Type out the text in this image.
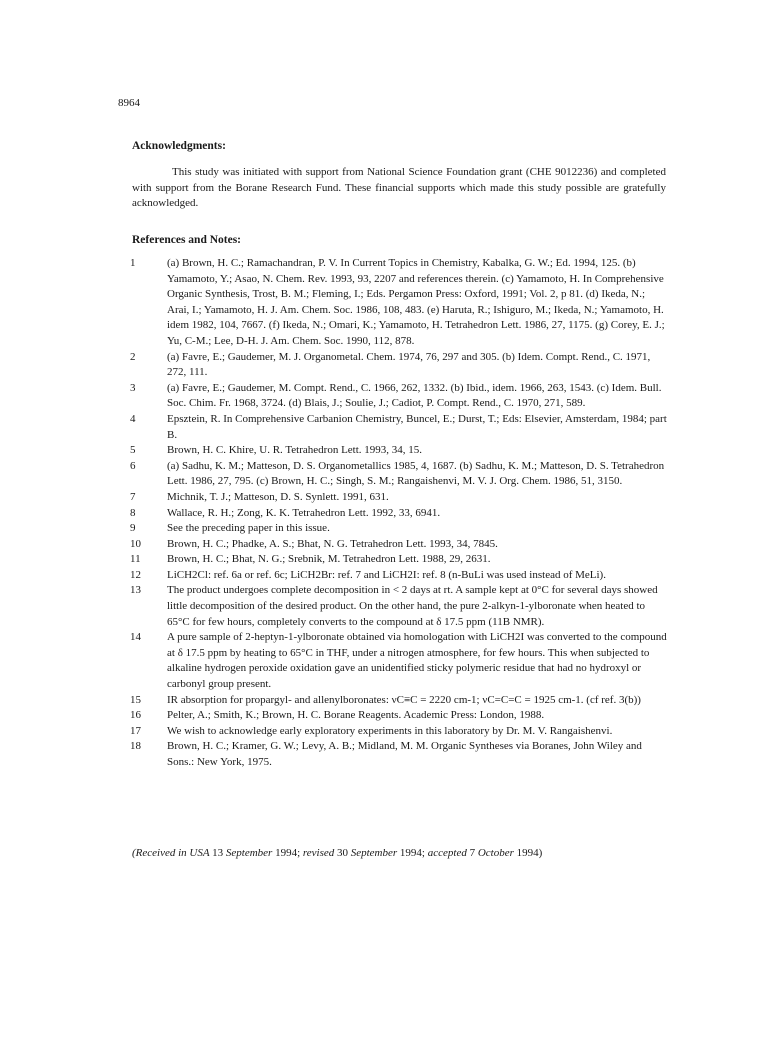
8964
Acknowledgments:
This study was initiated with support from National Science Foundation grant (CHE 9012236) and completed with support from the Borane Research Fund. These financial supports which made this study possible are gratefully acknowledged.
References and Notes:
1	(a) Brown, H. C.; Ramachandran, P. V. In Current Topics in Chemistry, Kabalka, G. W.; Ed. 1994, 125. (b) Yamamoto, Y.; Asao, N. Chem. Rev. 1993, 93, 2207 and references therein. (c) Yamamoto, H. In Comprehensive Organic Synthesis, Trost, B. M.; Fleming, I.; Eds. Pergamon Press: Oxford, 1991; Vol. 2, p 81. (d) Ikeda, N.; Arai, I.; Yamamoto, H. J. Am. Chem. Soc. 1986, 108, 483. (e) Haruta, R.; Ishiguro, M.; Ikeda, N.; Yamamoto, H. idem 1982, 104, 7667. (f) Ikeda, N.; Omari, K.; Yamamoto, H. Tetrahedron Lett. 1986, 27, 1175. (g) Corey, E. J.; Yu, C-M.; Lee, D-H. J. Am. Chem. Soc. 1990, 112, 878.
2	(a) Favre, E.; Gaudemer, M. J. Organometal. Chem. 1974, 76, 297 and 305. (b) Idem. Compt. Rend., C. 1971, 272, 111.
3	(a) Favre, E.; Gaudemer, M. Compt. Rend., C. 1966, 262, 1332. (b) Ibid., idem. 1966, 263, 1543. (c) Idem. Bull. Soc. Chim. Fr. 1968, 3724. (d) Blais, J.; Soulie, J.; Cadiot, P. Compt. Rend., C. 1970, 271, 589.
4	Epsztein, R. In Comprehensive Carbanion Chemistry, Buncel, E.; Durst, T.; Eds: Elsevier, Amsterdam, 1984; part B.
5	Brown, H. C. Khire, U. R. Tetrahedron Lett. 1993, 34, 15.
6	(a) Sadhu, K. M.; Matteson, D. S. Organometallics 1985, 4, 1687. (b) Sadhu, K. M.; Matteson, D. S. Tetrahedron Lett. 1986, 27, 795. (c) Brown, H. C.; Singh, S. M.; Rangaishenvi, M. V. J. Org. Chem. 1986, 51, 3150.
7	Michnik, T. J.; Matteson, D. S. Synlett. 1991, 631.
8	Wallace, R. H.; Zong, K. K. Tetrahedron Lett. 1992, 33, 6941.
9	See the preceding paper in this issue.
10	Brown, H. C.; Phadke, A. S.; Bhat, N. G. Tetrahedron Lett. 1993, 34, 7845.
11	Brown, H. C.; Bhat, N. G.; Srebnik, M. Tetrahedron Lett. 1988, 29, 2631.
12	LiCH2Cl: ref. 6a or ref. 6c; LiCH2Br: ref. 7 and LiCH2I: ref. 8 (n-BuLi was used instead of MeLi).
13	The product undergoes complete decomposition in < 2 days at rt. A sample kept at 0°C for several days showed little decomposition of the desired product. On the other hand, the pure 2-alkyn-1-ylboronate when heated to 65°C for few hours, completely converts to the compound at δ 17.5 ppm (11B NMR).
14	A pure sample of 2-heptyn-1-ylboronate obtained via homologation with LiCH2I was converted to the compound at δ 17.5 ppm by heating to 65°C in THF, under a nitrogen atmosphere, for few hours. This when subjected to alkaline hydrogen peroxide oxidation gave an unidentified sticky polymeric residue that had no hydroxyl or carbonyl group present.
15	IR absorption for propargyl- and allenylboronates: νC≡C = 2220 cm-1; νC=C=C = 1925 cm-1. (cf ref. 3(b))
16	Pelter, A.; Smith, K.; Brown, H. C. Borane Reagents. Academic Press: London, 1988.
17	We wish to acknowledge early exploratory experiments in this laboratory by Dr. M. V. Rangaishenvi.
18	Brown, H. C.; Kramer, G. W.; Levy, A. B.; Midland, M. M. Organic Syntheses via Boranes, John Wiley and Sons.: New York, 1975.
(Received in USA 13 September 1994; revised 30 September 1994; accepted 7 October 1994)
